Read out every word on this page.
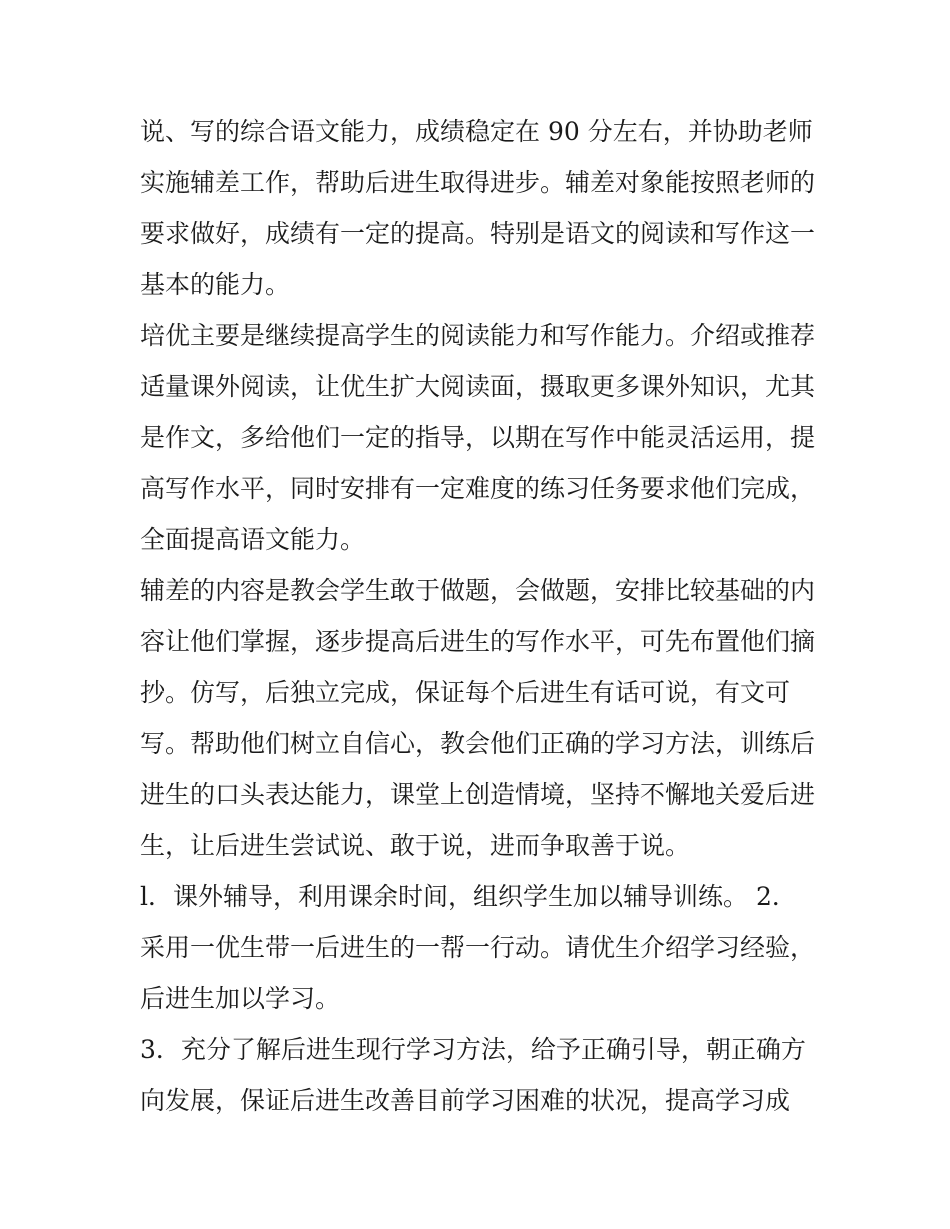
说、写的综合语文能力，成绩稳定在 90 分左右，并协助老师
实施辅差工作，帮助后进生取得进步。辅差对象能按照老师的
要求做好，成绩有一定的提高。特别是语文的阅读和写作这一
基本的能力。
培优主要是继续提高学生的阅读能力和写作能力。介绍或推荐
适量课外阅读，让优生扩大阅读面，摄取更多课外知识，尤其
是作文，多给他们一定的指导，以期在写作中能灵活运用，提
高写作水平，同时安排有一定难度的练习任务要求他们完成，
全面提高语文能力。
辅差的内容是教会学生敢于做题，会做题，安排比较基础的内
容让他们掌握，逐步提高后进生的写作水平，可先布置他们摘
抄。仿写，后独立完成，保证每个后进生有话可说，有文可
写。帮助他们树立自信心，教会他们正确的学习方法，训练后
进生的口头表达能力，课堂上创造情境，坚持不懈地关爱后进
生，让后进生尝试说、敢于说，进而争取善于说。
l．课外辅导，利用课余时间，组织学生加以辅导训练。 2．
采用一优生带一后进生的一帮一行动。请优生介绍学习经验，
后进生加以学习。
3．充分了解后进生现行学习方法，给予正确引导，朝正确方
向发展，保证后进生改善目前学习困难的状况，提高学习成
